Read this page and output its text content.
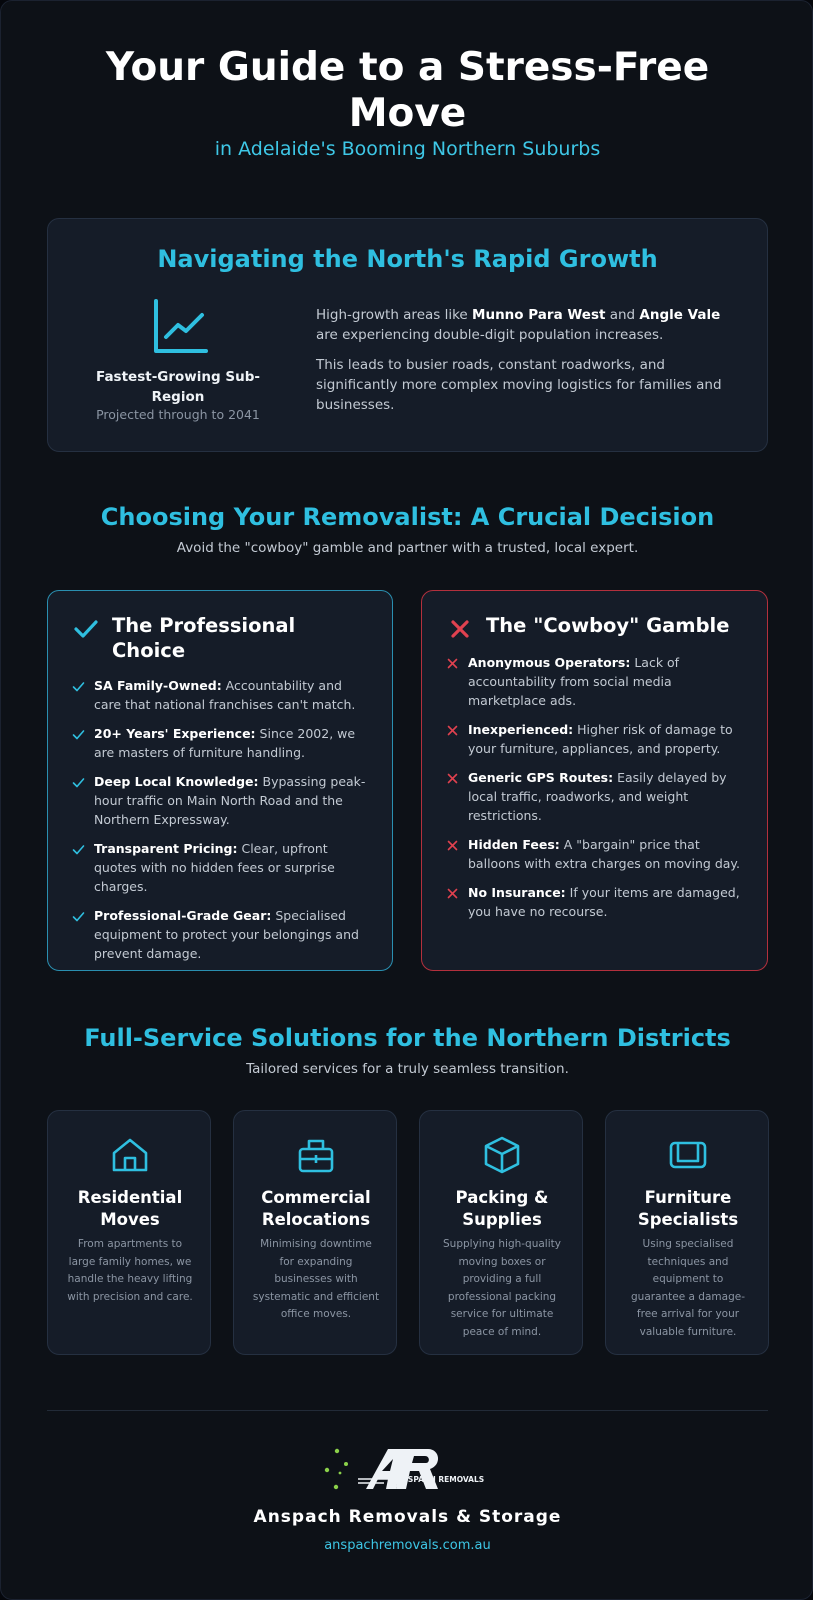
Your Guide to a Stress-Free Move
in Adelaide's Booming Northern Suburbs
Navigating the North's Rapid Growth
Fastest-Growing Sub-Region
Projected through to 2041

High-growth areas like Munno Para West and Angle Vale are experiencing double-digit population increases.

This leads to busier roads, constant roadworks, and significantly more complex moving logistics for families and businesses.

Choosing Your Removalist: A Crucial Decision
Avoid the "cowboy" gamble and partner with a trusted, local expert.
The Professional Choice
SA Family-Owned: Accountability and care that national franchises can't match.
20+ Years' Experience: Since 2002, we are masters of furniture handling.
Deep Local Knowledge: Bypassing peak-hour traffic on Main North Road and the Northern Expressway.
Transparent Pricing: Clear, upfront quotes with no hidden fees or surprise charges.
Professional-Grade Gear: Specialised equipment to protect your belongings and prevent damage.
The "Cowboy" Gamble
Anonymous Operators: Lack of accountability from social media marketplace ads.
Inexperienced: Higher risk of damage to your furniture, appliances, and property.
Generic GPS Routes: Easily delayed by local traffic, roadworks, and weight restrictions.
Hidden Fees: A "bargain" price that balloons with extra charges on moving day.
No Insurance: If your items are damaged, you have no recourse.
Full-Service Solutions for the Northern Districts
Tailored services for a truly seamless transition.
Residential Moves
From apartments to large family homes, we handle the heavy lifting with precision and care.
Commercial Relocations
Minimising downtime for expanding businesses with systematic and efficient office moves.
Packing & Supplies
Supplying high-quality moving boxes or providing a full professional packing service for ultimate peace of mind.
Furniture Specialists
Using specialised techniques and equipment to guarantee a damage-free arrival for your valuable furniture.
ANSPACH REMOVALS
Anspach Removals & Storage
anspachremovals.com.au
